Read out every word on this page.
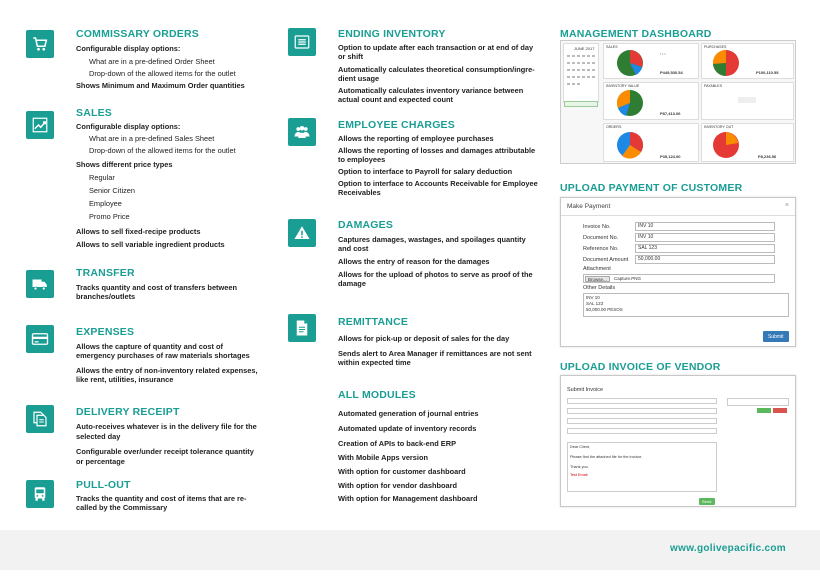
COMMISSARY ORDERS
Configurable display options:
What are in a pre-defined Order Sheet
Drop-down of the allowed items for the outlet
Shows Minimum and Maximum Order quantities
SALES
Configurable display options:
What are in a pre-defined Sales Sheet
Drop-down of the allowed items for the outlet
Shows different price types
Regular
Senior Citizen
Employee
Promo Price
Allows to sell fixed-recipe products
Allows to sell variable ingredient products
TRANSFER
Tracks quantity and cost of transfers between
branches/outlets
EXPENSES
Allows the capture of quantity and cost of
emergency purchases of raw materials shortages
Allows the entry of non-inventory related expenses,
like rent, utilities, insurance
DELIVERY RECEIPT
Auto-receives whatever is in the delivery file for the
selected day
Configurable over/under receipt tolerance quantity
or percentage
PULL-OUT
Tracks the quantity and cost of items that are re-
called by the Commissary
ENDING INVENTORY
Option to update after each transaction or at end of day
or shift
Automatically calculates theoretical consumption/ingre-
dient usage
Automatically calculates inventory variance between
actual count and expected count
EMPLOYEE CHARGES
Allows the reporting of employee purchases
Allows the reporting of losses and damages attributable
to employees
Option to interface to Payroll for salary deduction
Option to interface to Accounts Receivable for Employee
Receivables
DAMAGES
Captures damages, wastages, and spoilages quantity
and cost
Allows the entry of reason for the damages
Allows for the upload of photos to serve as proof of the
damage
REMITTANCE
Allows for pick-up or deposit of sales for the day
Sends alert to Area Manager if remittances are not sent
within expected time
ALL MODULES
Automated generation of journal entries
Automated update of inventory records
Creation of APIs to back-end ERP
With Mobile Apps version
With option for customer dashboard
With option for vendor dashboard
With option for Management dashboard
MANAGEMENT DASHBOARD
JUNE 2017	SALES
▪ ▪ ▪
P449,530.54
PURCHASES
P100,110.55
INVENTORY VALUE
P87,413.06
PAYABLES
ORDERS
P35,124.00
INVENTORY OUT
P8,236.56
UPLOAD PAYMENT OF CUSTOMER
Make Payment	×
Invoice No.	INV 10
Document No.	INV 10
Reference No.	SAL 123
Document Amount	50,000.00
Attachment
Browse...	Capture.PNG
Other Details
INV 10
SAL 123
50,000.00 PESOS
Submit
UPLOAD INVOICE OF VENDOR
Submit Invoice
Dear Client,
Please find the attached file for the invoice.
Thank you.
Test Email
Send
www.golivepacific.com
